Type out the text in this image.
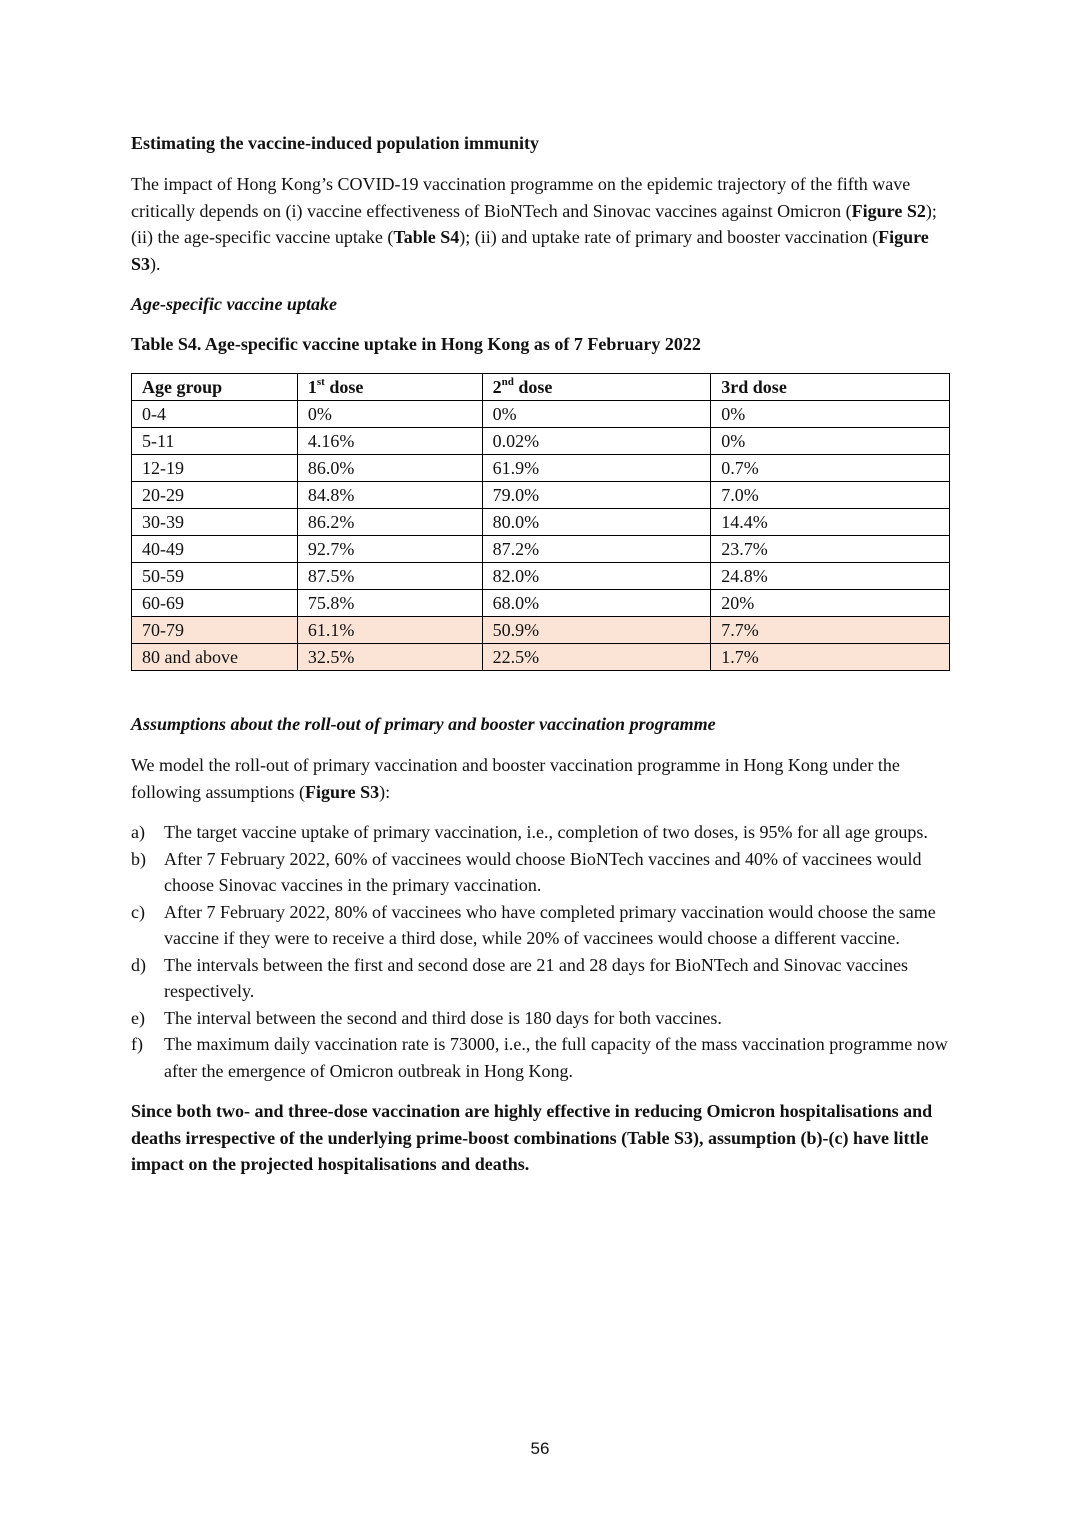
Estimating the vaccine-induced population immunity

The impact of Hong Kong’s COVID-19 vaccination programme on the epidemic trajectory of the fifth wave critically depends on (i) vaccine effectiveness of BioNTech and Sinovac vaccines against Omicron (Figure S2); (ii) the age-specific vaccine uptake (Table S4); (ii) and uptake rate of primary and booster vaccination (Figure S3).

Age-specific vaccine uptake

Table S4. Age-specific vaccine uptake in Hong Kong as of 7 February 2022

Age group	1st dose	2nd dose	3rd dose
0-4	0%	0%	0%
5-11	4.16%	0.02%	0%
12-19	86.0%	61.9%	0.7%
20-29	84.8%	79.0%	7.0%
30-39	86.2%	80.0%	14.4%
40-49	92.7%	87.2%	23.7%
50-59	87.5%	82.0%	24.8%
60-69	75.8%	68.0%	20%
70-79	61.1%	50.9%	7.7%
80 and above	32.5%	22.5%	1.7%

Assumptions about the roll-out of primary and booster vaccination programme

We model the roll-out of primary vaccination and booster vaccination programme in Hong Kong under the following assumptions (Figure S3):

a) The target vaccine uptake of primary vaccination, i.e., completion of two doses, is 95% for all age groups.
b) After 7 February 2022, 60% of vaccinees would choose BioNTech vaccines and 40% of vaccinees would choose Sinovac vaccines in the primary vaccination.
c) After 7 February 2022, 80% of vaccinees who have completed primary vaccination would choose the same vaccine if they were to receive a third dose, while 20% of vaccinees would choose a different vaccine.
d) The intervals between the first and second dose are 21 and 28 days for BioNTech and Sinovac vaccines respectively.
e) The interval between the second and third dose is 180 days for both vaccines.
f) The maximum daily vaccination rate is 73000, i.e., the full capacity of the mass vaccination programme now after the emergence of Omicron outbreak in Hong Kong.

Since both two- and three-dose vaccination are highly effective in reducing Omicron hospitalisations and deaths irrespective of the underlying prime-boost combinations (Table S3), assumption (b)-(c) have little impact on the projected hospitalisations and deaths.

56
